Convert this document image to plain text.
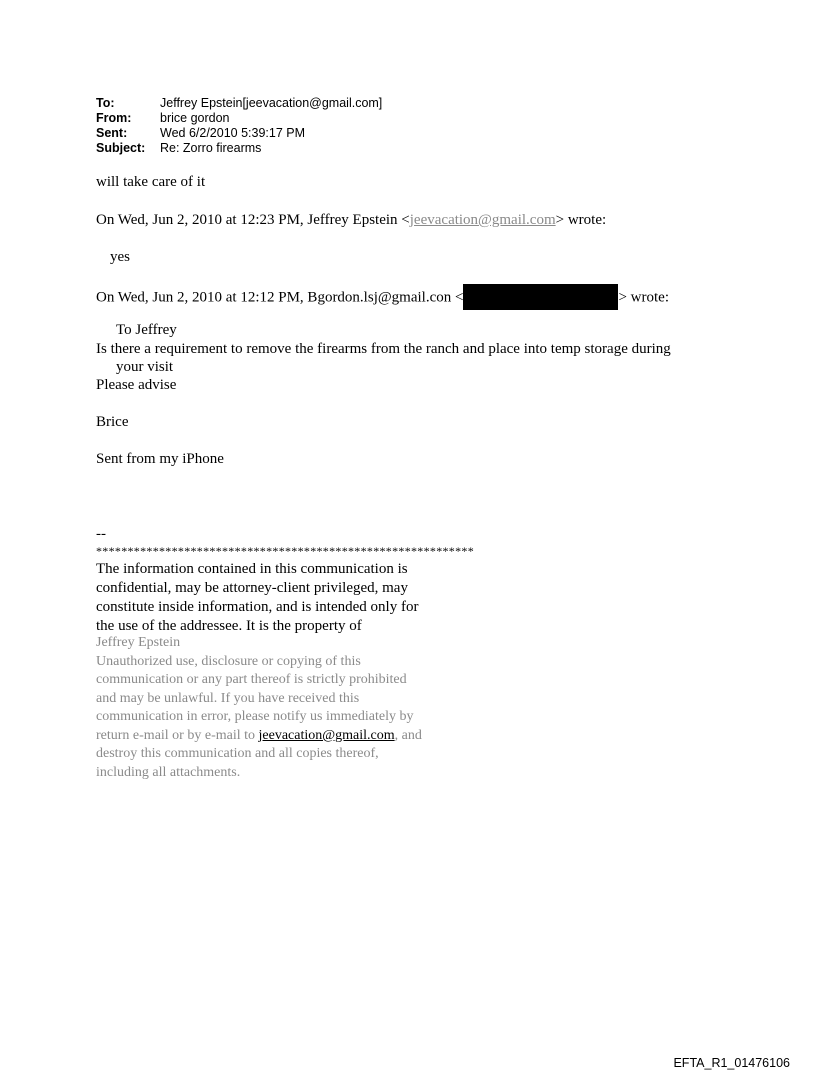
To:	Jeffrey Epstein[jeevacation@gmail.com]
From:	brice gordon
Sent:	Wed 6/2/2010 5:39:17 PM
Subject:	Re: Zorro firearms
will take care of it
On Wed, Jun 2, 2010 at 12:23 PM, Jeffrey Epstein <jeevacation@gmail.com> wrote:
yes
On Wed, Jun 2, 2010 at 12:12 PM, Bgordon.lsj@gmail.con <	> wrote:
To Jeffrey
Is there a requirement to remove the firearms from the ranch and place into temp storage during
your visit
Please advise
Brice
Sent from my iPhone
--
************************************************************
The information contained in this communication is
confidential, may be attorney-client privileged, may
constitute inside information, and is intended only for
the use of the addressee. It is the property of
Jeffrey Epstein
Unauthorized use, disclosure or copying of this
communication or any part thereof is strictly prohibited
and may be unlawful. If you have received this
communication in error, please notify us immediately by
return e-mail or by e-mail to jeevacation@gmail.com, and
destroy this communication and all copies thereof,
including all attachments.
EFTA_R1_01476106
